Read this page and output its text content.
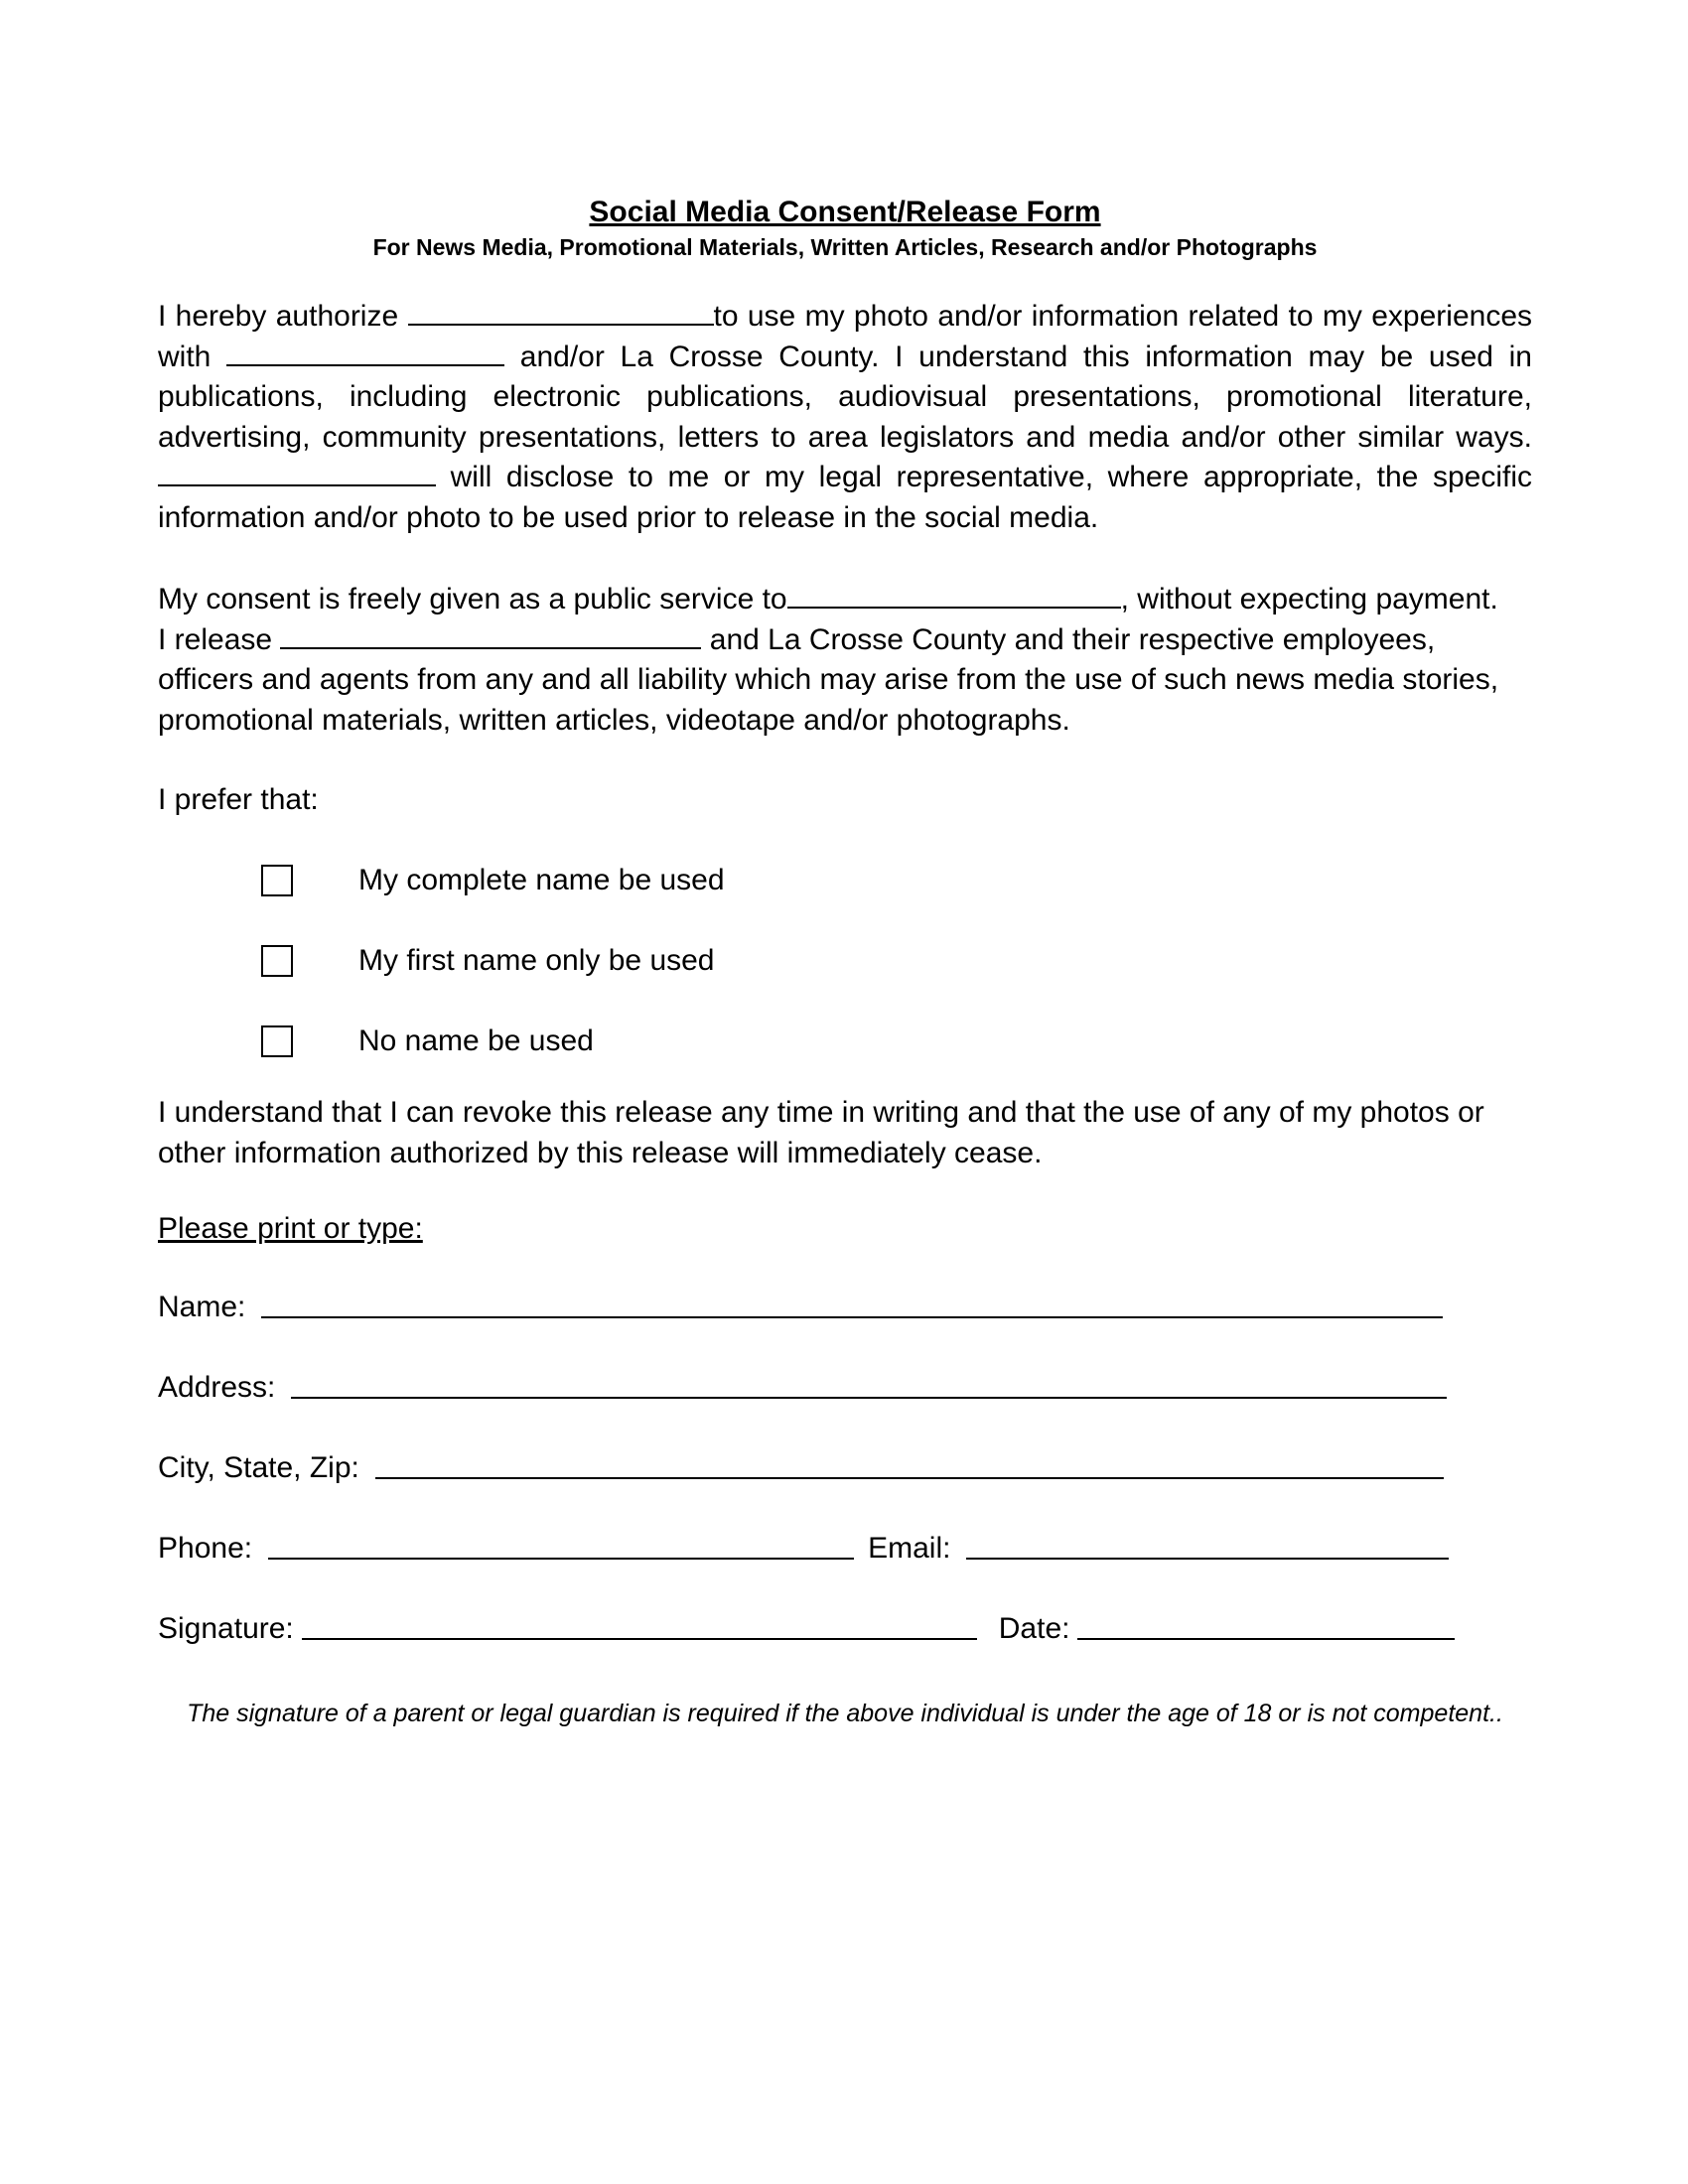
Social Media Consent/Release Form

For News Media, Promotional Materials, Written Articles, Research and/or Photographs

I hereby authorize	to use my photo and/or information related to my experiences with	and/or La Crosse County. I understand this information may be used in publications, including electronic publications, audiovisual presentations, promotional literature, advertising, community presentations, letters to area legislators and media and/or other similar ways.  will disclose to me or my legal representative, where appropriate, the specific information and/or photo to be used prior to release in the social media.

My consent is freely given as a public service to	, without expecting payment.
I release	and La Crosse County and their respective employees,
officers and agents from any and all liability which may arise from the use of such news media stories,
promotional materials, written articles, videotape and/or photographs.

I prefer that:
My complete name be used
My first name only be used
No name be used

I understand that I can revoke this release any time in writing and that the use of any of my photos or other information authorized by this release will immediately cease.

Please print or type:
Name:
Address:
City, State, Zip:
Phone:	Email:
Signature:	Date:
The signature of a parent or legal guardian is required if the above individual is under the age of 18 or is not competent..
